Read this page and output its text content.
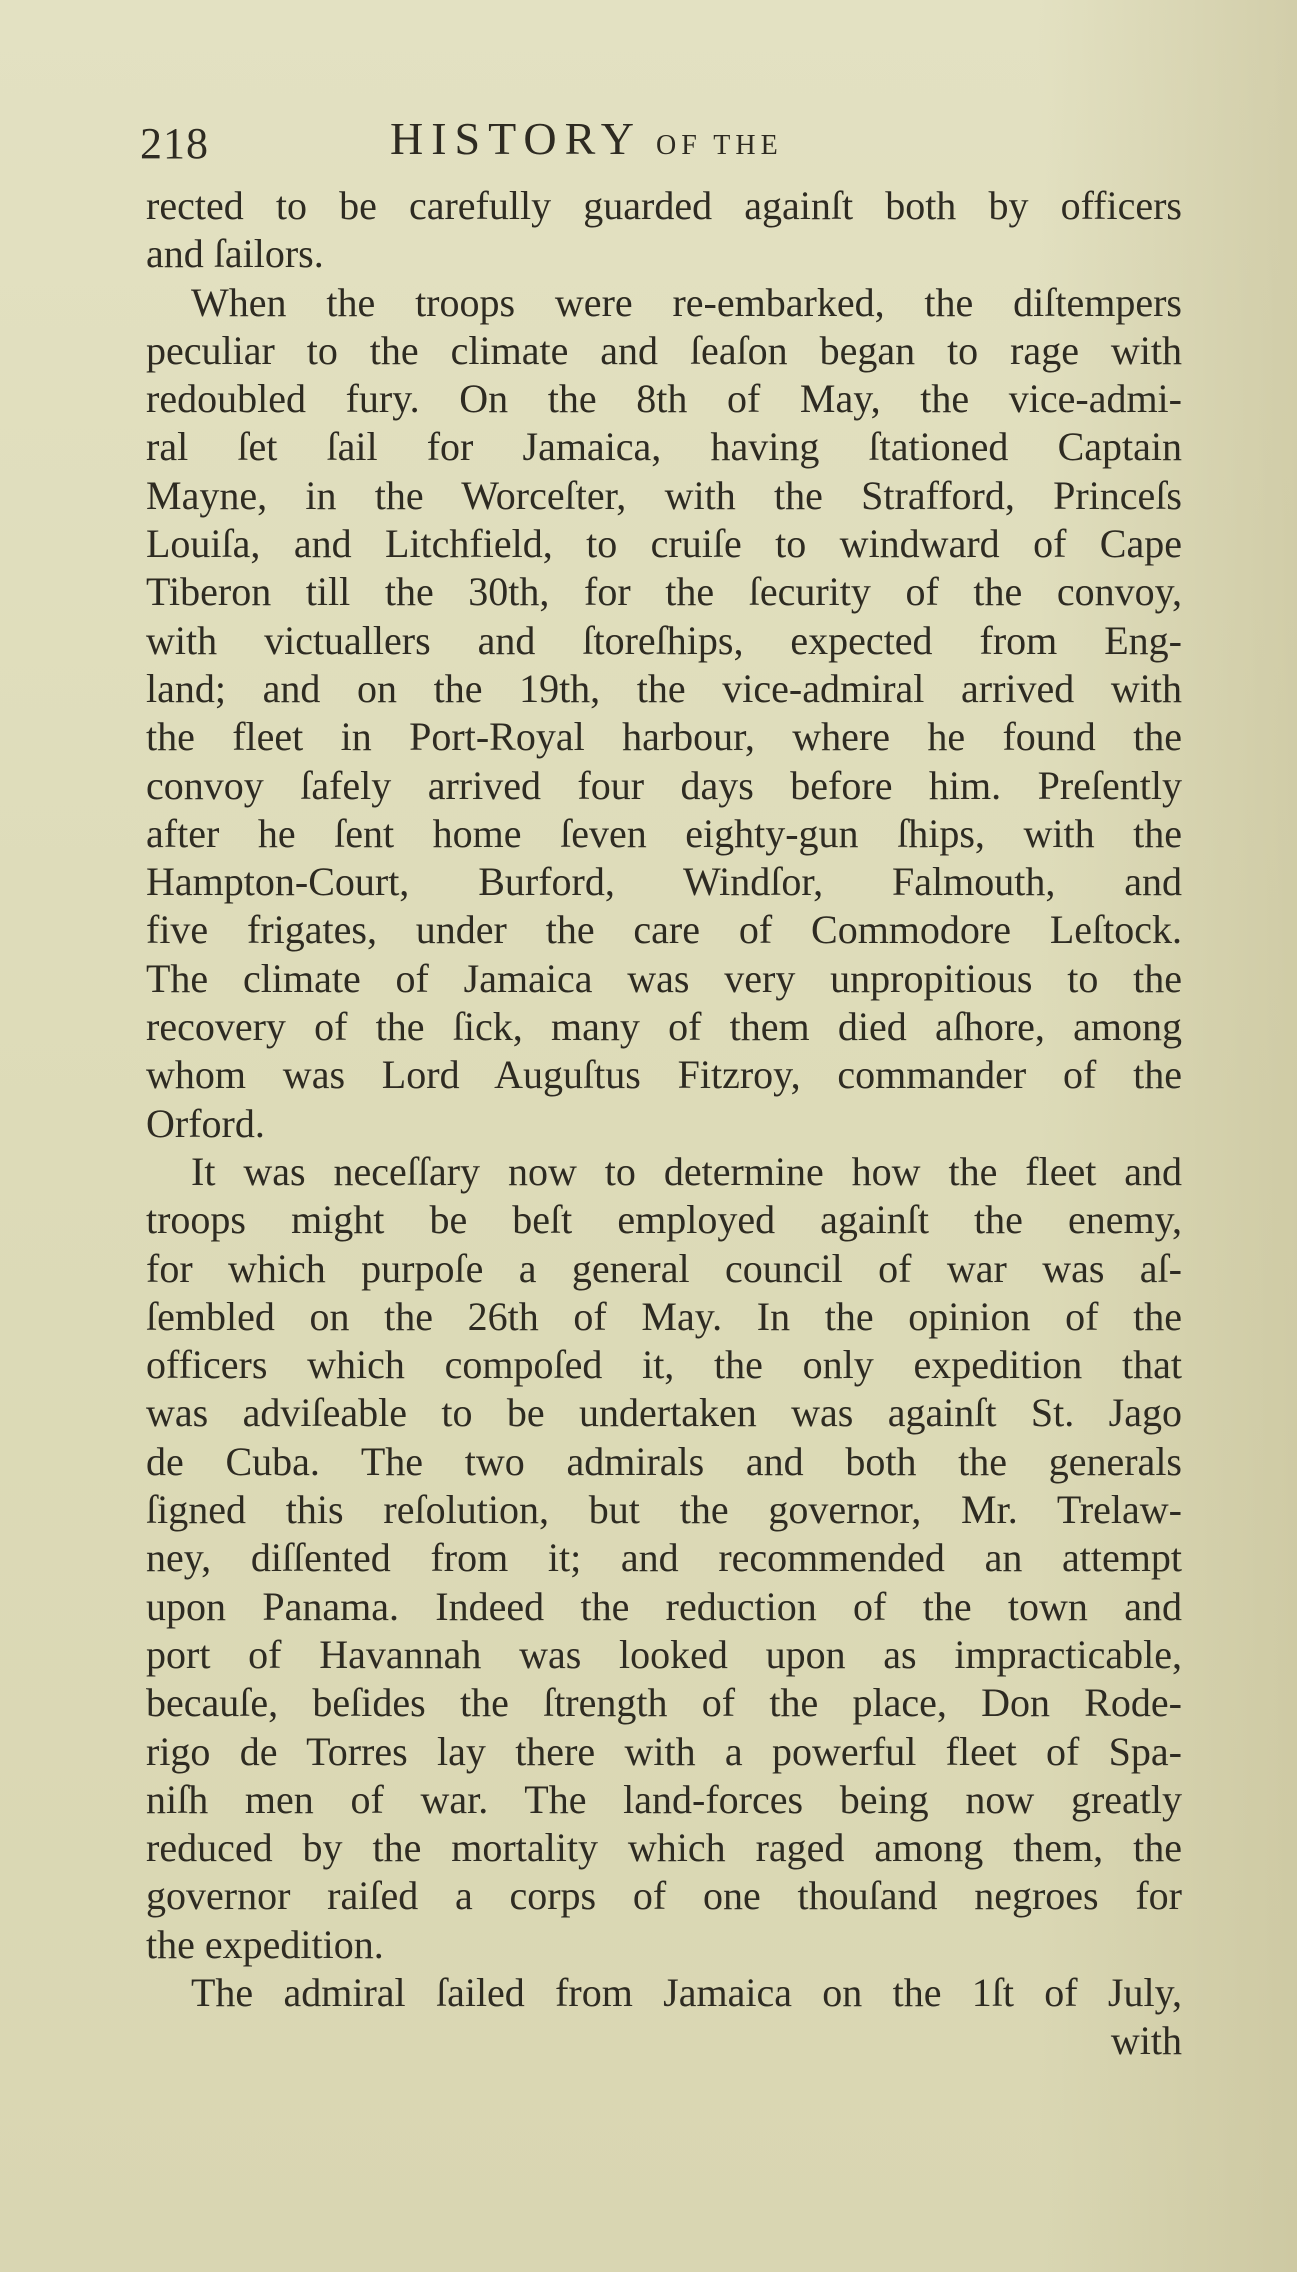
218	HISTORY OF THE
rected to be carefully guarded againſt both by officers
and ſailors.
When the troops were re-embarked, the diſtempers
peculiar to the climate and ſeaſon began to rage with
redoubled fury. On the 8th of May, the vice-admi-
ral ſet ſail for Jamaica, having ſtationed Captain
Mayne, in the Worceſter, with the Strafford, Princeſs
Louiſa, and Litchfield, to cruiſe to windward of Cape
Tiberon till the 30th, for the ſecurity of the convoy,
with victuallers and ſtoreſhips, expected from Eng-
land; and on the 19th, the vice-admiral arrived with
the fleet in Port-Royal harbour, where he found the
convoy ſafely arrived four days before him. Preſently
after he ſent home ſeven eighty-gun ſhips, with the
Hampton-Court, Burford, Windſor, Falmouth, and
five frigates, under the care of Commodore Leſtock.
The climate of Jamaica was very unpropitious to the
recovery of the ſick, many of them died aſhore, among
whom was Lord Auguſtus Fitzroy, commander of the
Orford.
It was neceſſary now to determine how the fleet and
troops might be beſt employed againſt the enemy,
for which purpoſe a general council of war was aſ-
ſembled on the 26th of May. In the opinion of the
officers which compoſed it, the only expedition that
was adviſeable to be undertaken was againſt St. Jago
de Cuba. The two admirals and both the generals
ſigned this reſolution, but the governor, Mr. Trelaw-
ney, diſſented from it; and recommended an attempt
upon Panama. Indeed the reduction of the town and
port of Havannah was looked upon as impracticable,
becauſe, beſides the ſtrength of the place, Don Rode-
rigo de Torres lay there with a powerful fleet of Spa-
niſh men of war. The land-forces being now greatly
reduced by the mortality which raged among them, the
governor raiſed a corps of one thouſand negroes for
the expedition.
The admiral ſailed from Jamaica on the 1ſt of July,
with
